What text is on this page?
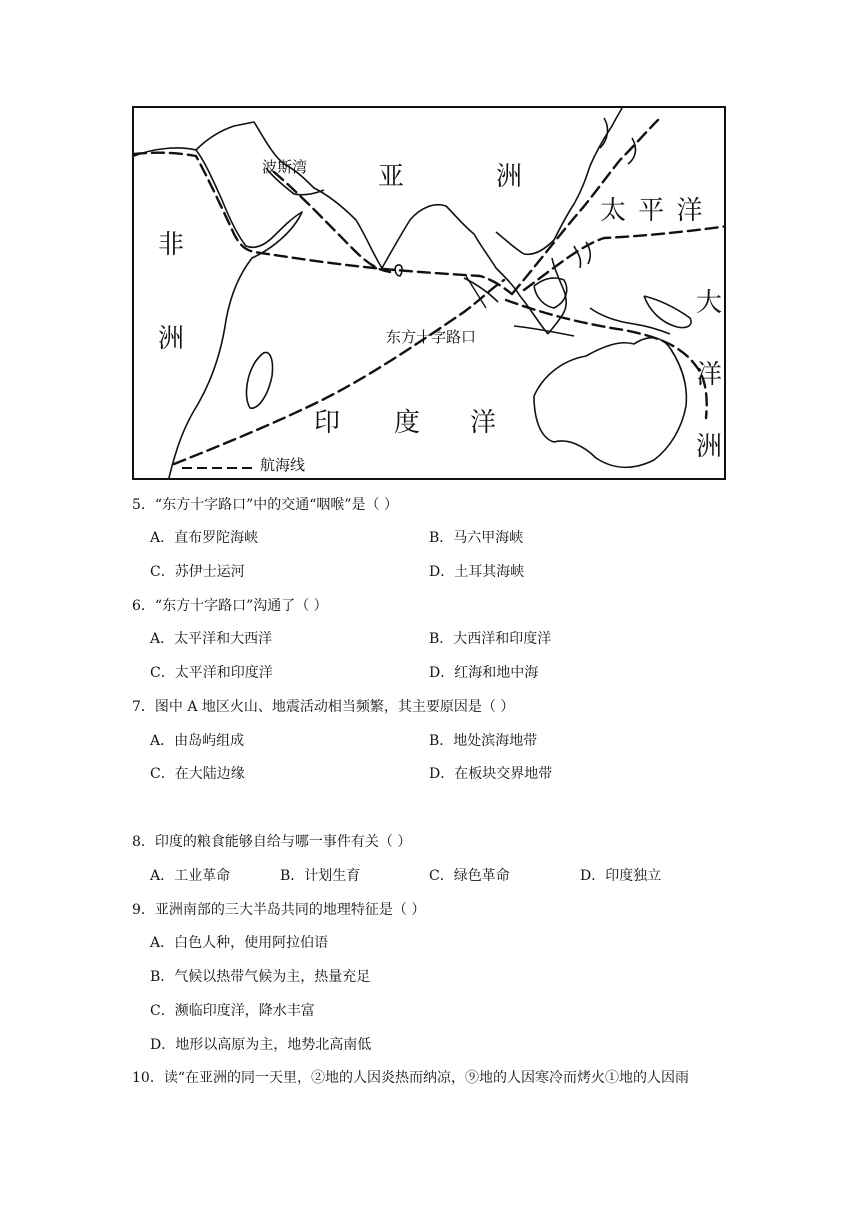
波斯湾	亚	洲
非
洲
太 平 洋
大
洋
洲
东方十字路口
印 度 洋
航海线
5．“东方十字路口”中的交通“咽喉”是（ ）
A．直布罗陀海峡	B．马六甲海峡
C．苏伊士运河	D．土耳其海峡
6．“东方十字路口”沟通了（ ）
A．太平洋和大西洋	B．大西洋和印度洋
C．太平洋和印度洋	D．红海和地中海
7．图中 A 地区火山、地震活动相当频繁，其主要原因是（ ）
A．由岛屿组成	B．地处滨海地带
C．在大陆边缘	D．在板块交界地带
8．印度的粮食能够自给与哪一事件有关（ ）
A．工业革命	B．计划生育	C．绿色革命	D．印度独立
9．亚洲南部的三大半岛共同的地理特征是（ ）
A．白色人种，使用阿拉伯语
B．气候以热带气候为主，热量充足
C．濒临印度洋，降水丰富
D．地形以高原为主，地势北高南低
10．读“在亚洲的同一天里，②地的人因炎热而纳凉，⑨地的人因寒冷而烤火①地的人因雨
